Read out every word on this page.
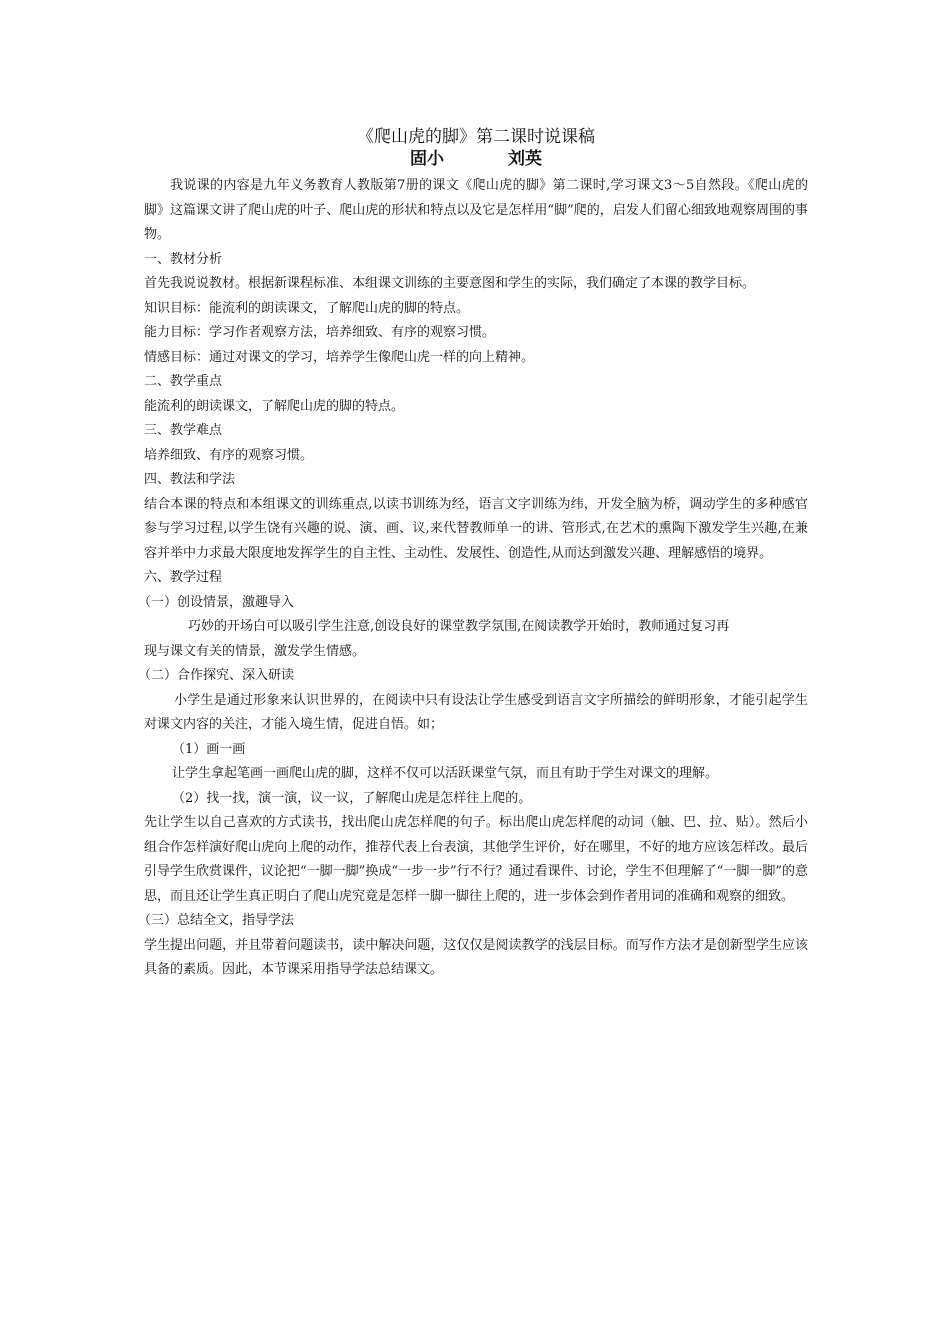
《爬山虎的脚》第二课时说课稿

固小	刘英

我说课的内容是九年义务教育人教版第7册的课文《爬山虎的脚》第二课时,学习课文3～5自然段。《爬山虎的脚》这篇课文讲了爬山虎的叶子、爬山虎的形状和特点以及它是怎样用“脚”爬的，启发人们留心细致地观察周围的事物。

一、教材分析

首先我说说教材。根据新课程标准、本组课文训练的主要意图和学生的实际，我们确定了本课的教学目标。

知识目标：能流利的朗读课文，了解爬山虎的脚的特点。

能力目标：学习作者观察方法，培养细致、有序的观察习惯。

情感目标：通过对课文的学习，培养学生像爬山虎一样的向上精神。

二、教学重点

能流利的朗读课文，了解爬山虎的脚的特点。

三、教学难点

培养细致、有序的观察习惯。

四、教法和学法

结合本课的特点和本组课文的训练重点,以读书训练为经，语言文字训练为纬，开发全脑为桥，调动学生的多种感官参与学习过程,以学生饶有兴趣的说、演、画、议,来代替教师单一的讲、管形式,在艺术的熏陶下激发学生兴趣,在兼容并举中力求最大限度地发挥学生的自主性、主动性、发展性、创造性,从而达到激发兴趣、理解感悟的境界。

六、教学过程

（一）创设情景，激趣导入

巧妙的开场白可以吸引学生注意,创设良好的课堂教学氛围,在阅读教学开始时，教师通过复习再

现与课文有关的情景，激发学生情感。

（二）合作探究、深入研读

小学生是通过形象来认识世界的，在阅读中只有设法让学生感受到语言文字所描绘的鲜明形象，才能引起学生对课文内容的关注，才能入境生情，促进自悟。如；

（1）画一画

让学生拿起笔画一画爬山虎的脚，这样不仅可以活跃课堂气氛，而且有助于学生对课文的理解。

（2）找一找，演一演，议一议，了解爬山虎是怎样往上爬的。

先让学生以自己喜欢的方式读书，找出爬山虎怎样爬的句子。标出爬山虎怎样爬的动词（触、巴、拉、贴）。然后小组合作怎样演好爬山虎向上爬的动作，推荐代表上台表演，其他学生评价，好在哪里，不好的地方应该怎样改。最后引导学生欣赏课件，议论把“一脚一脚”换成“一步一步”行不行？通过看课件、讨论，学生不但理解了“一脚一脚”的意思，而且还让学生真正明白了爬山虎究竟是怎样一脚一脚往上爬的，进一步体会到作者用词的准确和观察的细致。

（三）总结全文，指导学法

学生提出问题，并且带着问题读书，读中解决问题，这仅仅是阅读教学的浅层目标。而写作方法才是创新型学生应该具备的素质。因此，本节课采用指导学法总结课文。
